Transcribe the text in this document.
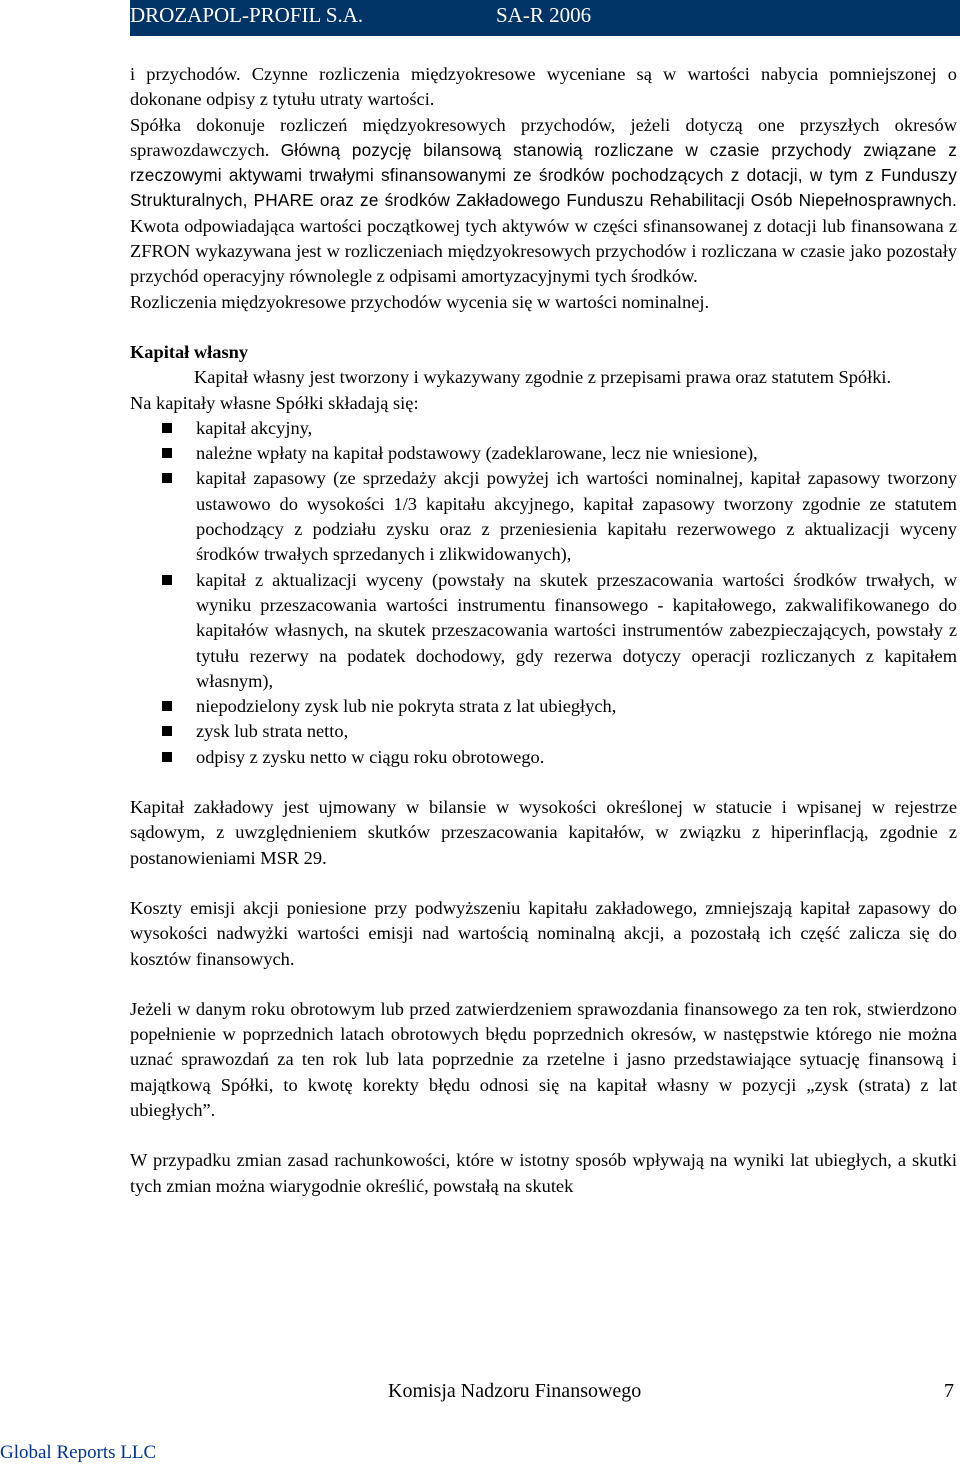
DROZAPOL-PROFIL S.A.	SA-R 2006

i przychodów. Czynne rozliczenia międzyokresowe wyceniane są w wartości nabycia pomniejszonej o dokonane odpisy z tytułu utraty wartości.

Spółka dokonuje rozliczeń międzyokresowych przychodów, jeżeli dotyczą one przyszłych okresów sprawozdawczych. Główną pozycję bilansową stanowią rozliczane w czasie przychody związane z rzeczowymi aktywami trwałymi sfinansowanymi ze środków pochodzących z dotacji, w tym z Funduszy Strukturalnych, PHARE oraz ze środków Zakładowego Funduszu Rehabilitacji Osób Niepełnosprawnych. Kwota odpowiadająca wartości początkowej tych aktywów w części sfinansowanej z dotacji lub finansowana z ZFRON wykazywana jest w rozliczeniach międzyokresowych przychodów i rozliczana w czasie jako pozostały przychód operacyjny równolegle z odpisami amortyzacyjnymi tych środków.

Rozliczenia międzyokresowe przychodów wycenia się w wartości nominalnej.

Kapitał własny

Kapitał własny jest tworzony i wykazywany zgodnie z przepisami prawa oraz statutem Spółki.

Na kapitały własne Spółki składają się:

kapitał akcyjny,
należne wpłaty na kapitał podstawowy (zadeklarowane, lecz nie wniesione),
kapitał zapasowy (ze sprzedaży akcji powyżej ich wartości nominalnej, kapitał zapasowy tworzony ustawowo do wysokości 1/3 kapitału akcyjnego, kapitał zapasowy tworzony zgodnie ze statutem pochodzący z podziału zysku oraz z przeniesienia kapitału rezerwowego z aktualizacji wyceny środków trwałych sprzedanych i zlikwidowanych),
kapitał z aktualizacji wyceny (powstały na skutek przeszacowania wartości środków trwałych, w wyniku przeszacowania wartości instrumentu finansowego - kapitałowego, zakwalifikowanego do kapitałów własnych, na skutek przeszacowania wartości instrumentów zabezpieczających, powstały z tytułu rezerwy na podatek dochodowy, gdy rezerwa dotyczy operacji rozliczanych z kapitałem własnym),
niepodzielony zysk lub nie pokryta strata z lat ubiegłych,
zysk lub strata netto,
odpisy z zysku netto w ciągu roku obrotowego.

Kapitał zakładowy jest ujmowany w bilansie w wysokości określonej w statucie i wpisanej w rejestrze sądowym, z uwzględnieniem skutków przeszacowania kapitałów, w związku z hiperinflacją, zgodnie z postanowieniami MSR 29.

Koszty emisji akcji poniesione przy podwyższeniu kapitału zakładowego, zmniejszają kapitał zapasowy do wysokości nadwyżki wartości emisji nad wartością nominalną akcji, a pozostałą ich część zalicza się do kosztów finansowych.

Jeżeli w danym roku obrotowym lub przed zatwierdzeniem sprawozdania finansowego za ten rok, stwierdzono popełnienie w poprzednich latach obrotowych błędu poprzednich okresów, w następstwie którego nie można uznać sprawozdań za ten rok lub lata poprzednie za rzetelne i jasno przedstawiające sytuację finansową i majątkową Spółki, to kwotę korekty błędu odnosi się na kapitał własny w pozycji „zysk (strata) z lat ubiegłych”.

W przypadku zmian zasad rachunkowości, które w istotny sposób wpływają na wyniki lat ubiegłych, a skutki tych zmian można wiarygodnie określić, powstałą na skutek

Komisja Nadzoru Finansowego	7
Global Reports LLC
